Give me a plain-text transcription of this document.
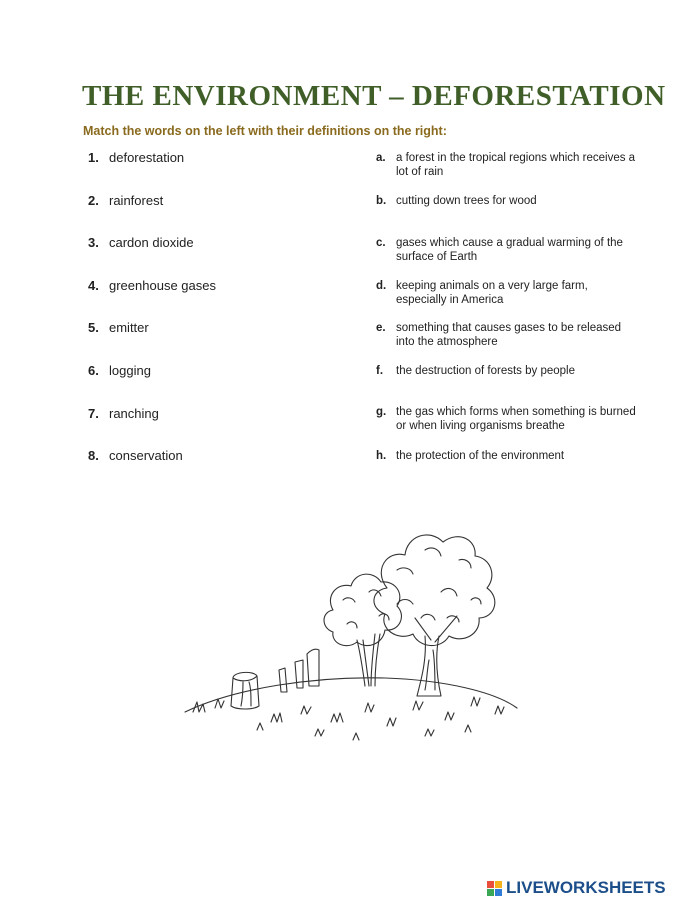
THE ENVIRONMENT – DEFORESTATION
Match the words on the left with their definitions on the right:
1. deforestation
2. rainforest
3. cardon dioxide
4. greenhouse gases
5. emitter
6. logging
7. ranching
8. conservation
a. a forest in the tropical regions which receives a lot of rain
b. cutting down trees for wood
c. gases which cause a gradual warming of the surface of Earth
d. keeping animals on a very large farm, especially in America
e. something that causes gases to be released into the atmosphere
f.	the destruction of forests by people
g. the gas which forms when something is burned or when living organisms breathe
h. the protection of the environment
LIVEWORKSHEETS
